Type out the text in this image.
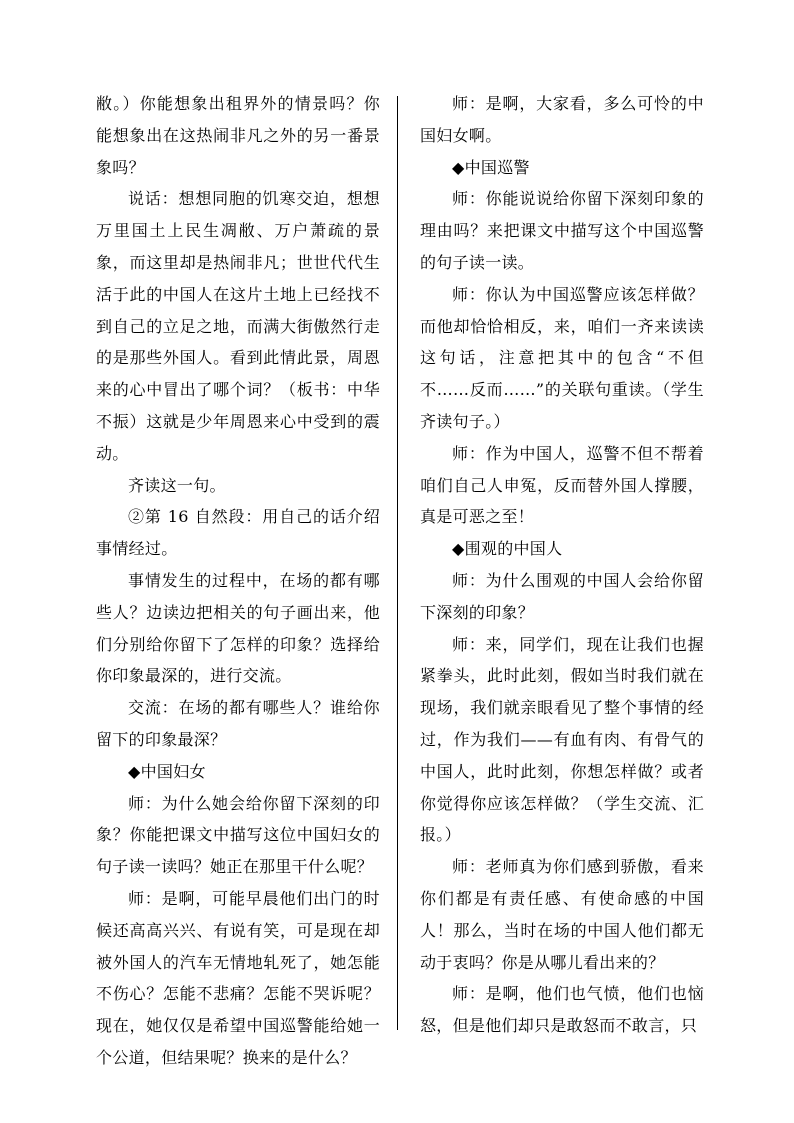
敝。）你能想象出租界外的情景吗？你能想象出在这热闹非凡之外的另一番景象吗？

说话：想想同胞的饥寒交迫，想想万里国土上民生凋敝、万户萧疏的景象，而这里却是热闹非凡；世世代代生活于此的中国人在这片土地上已经找不到自己的立足之地，而满大街傲然行走的是那些外国人。看到此情此景，周恩来的心中冒出了哪个词？（板书：中华不振）这就是少年周恩来心中受到的震动。

齐读这一句。

②第 16 自然段：用自己的话介绍事情经过。

事情发生的过程中，在场的都有哪些人？边读边把相关的句子画出来，他们分别给你留下了怎样的印象？选择给你印象最深的，进行交流。

交流：在场的都有哪些人？谁给你留下的印象最深？

◆中国妇女

师：为什么她会给你留下深刻的印象？你能把课文中描写这位中国妇女的句子读一读吗？她正在那里干什么呢？

师：是啊，可能早晨他们出门的时候还高高兴兴、有说有笑，可是现在却被外国人的汽车无情地轧死了，她怎能不伤心？怎能不悲痛？怎能不哭诉呢？现在，她仅仅是希望中国巡警能给她一个公道，但结果呢？换来的是什么？

师：是啊，大家看，多么可怜的中国妇女啊。

◆中国巡警

师：你能说说给你留下深刻印象的理由吗？来把课文中描写这个中国巡警的句子读一读。

师：你认为中国巡警应该怎样做？而他却恰恰相反，来，咱们一齐来读读这句话，注意把其中的包含“不但不……反而……”的关联句重读。（学生齐读句子。）

师：作为中国人，巡警不但不帮着咱们自己人申冤，反而替外国人撑腰，真是可恶之至！

◆围观的中国人

师：为什么围观的中国人会给你留下深刻的印象？

师：来，同学们，现在让我们也握紧拳头，此时此刻，假如当时我们就在现场，我们就亲眼看见了整个事情的经过，作为我们——有血有肉、有骨气的中国人，此时此刻，你想怎样做？或者你觉得你应该怎样做？（学生交流、汇报。）

师：老师真为你们感到骄傲，看来你们都是有责任感、有使命感的中国人！那么，当时在场的中国人他们都无动于衷吗？你是从哪儿看出来的？

师：是啊，他们也气愤，他们也恼怒，但是他们却只是敢怒而不敢言，只
